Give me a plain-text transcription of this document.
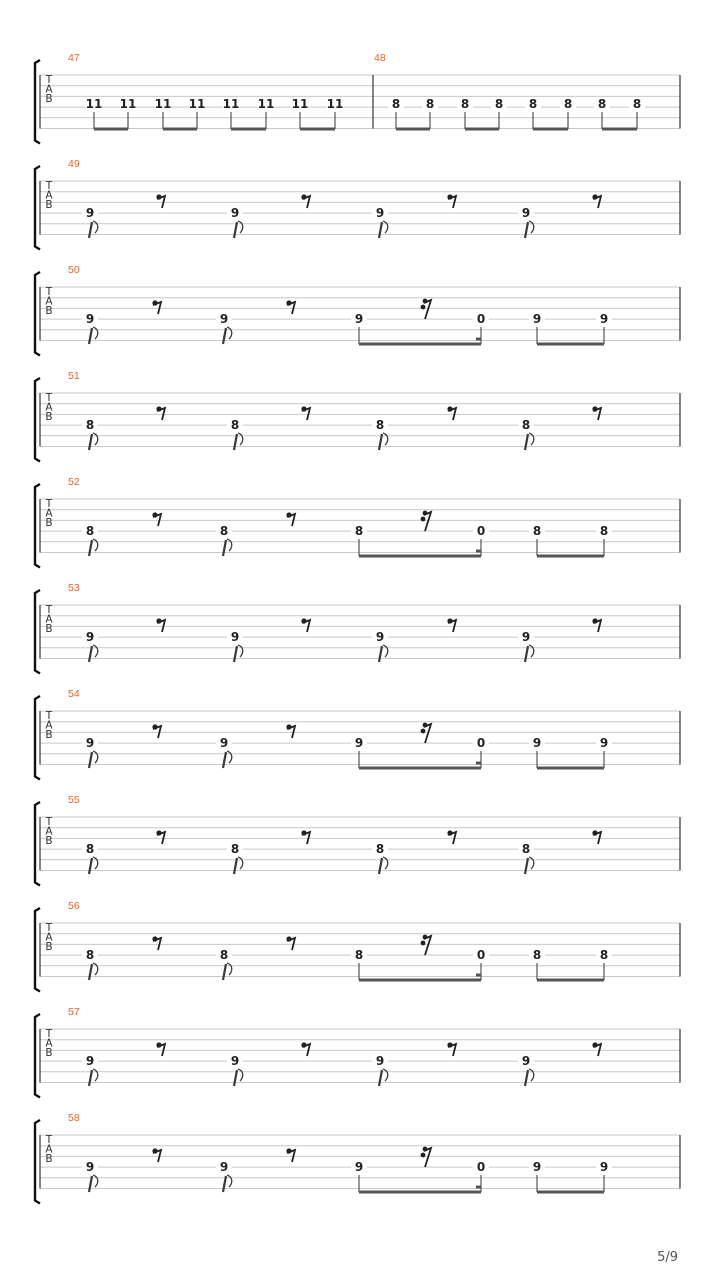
T
A
B
47	48
11 11 11 11 11 11 11 11	8 8 8 8 8 8 8 8
T
A
B
49
9	9	9	9
T
A
B
50
9	9	9	0	9	9
T
A
B
51
8	8	8	8
T
A
B
52
8	8	8	0	8	8
T
A
B
53
9	9	9	9
T
A
B
54
9	9	9	0	9	9
T
A
B
55
8	8	8	8
T
A
B
56
8	8	8	0	8	8
T
A
B
57
9	9	9	9
T
A
B
58
9	9	9	0	9	9
5/9
